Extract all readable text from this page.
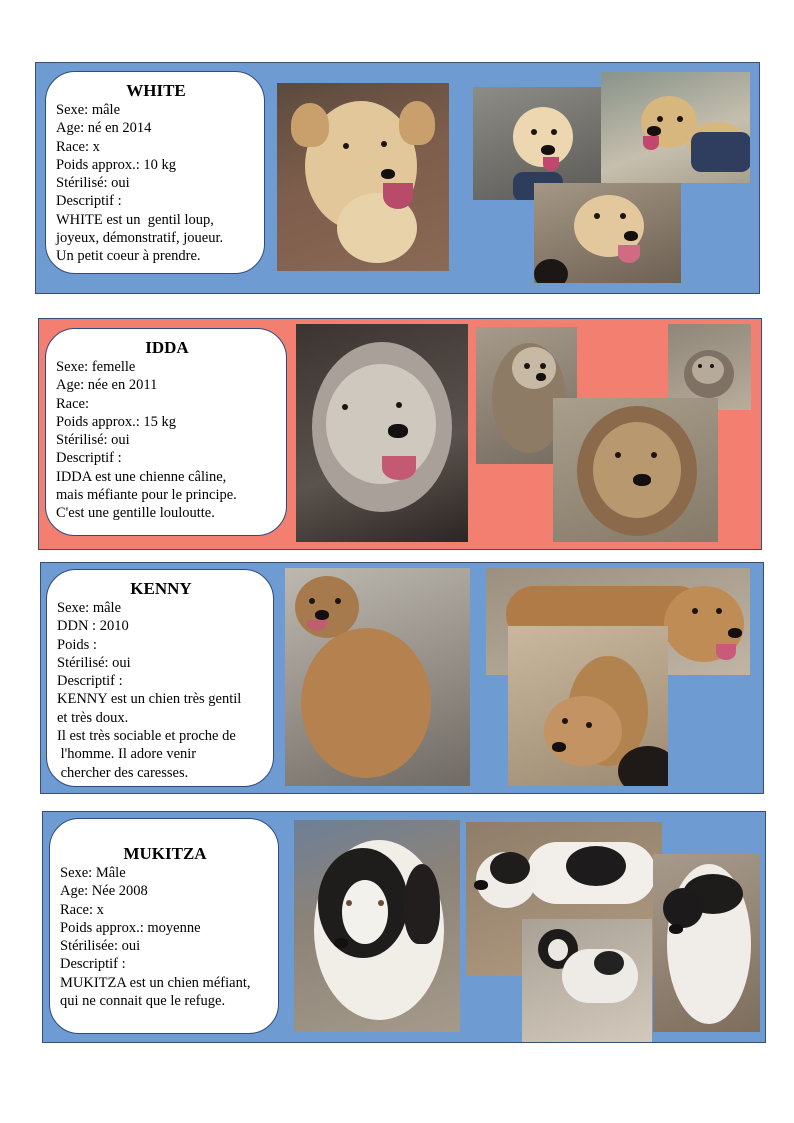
WHITE
Sexe: mâle
Age: né en 2014
Race: x
Poids approx.: 10 kg
Stérilisé: oui
Descriptif :
WHITE est un  gentil loup,
joyeux, démonstratif, joueur.
Un petit coeur à prendre.
IDDA
Sexe: femelle
Age: née en 2011
Race:
Poids approx.: 15 kg
Stérilisé: oui
Descriptif :
IDDA est une chienne câline,
mais méfiante pour le principe.
C'est une gentille louloutte.
KENNY
Sexe: mâle
DDN : 2010
Poids :
Stérilisé: oui
Descriptif :
KENNY est un chien très gentil
et très doux.
Il est très sociable et proche de
l'homme. Il adore venir
chercher des caresses.
MUKITZA
Sexe: Mâle
Age: Née 2008
Race: x
Poids approx.: moyenne
Stérilisée: oui
Descriptif :
MUKITZA est un chien méfiant,
qui ne connait que le refuge.
